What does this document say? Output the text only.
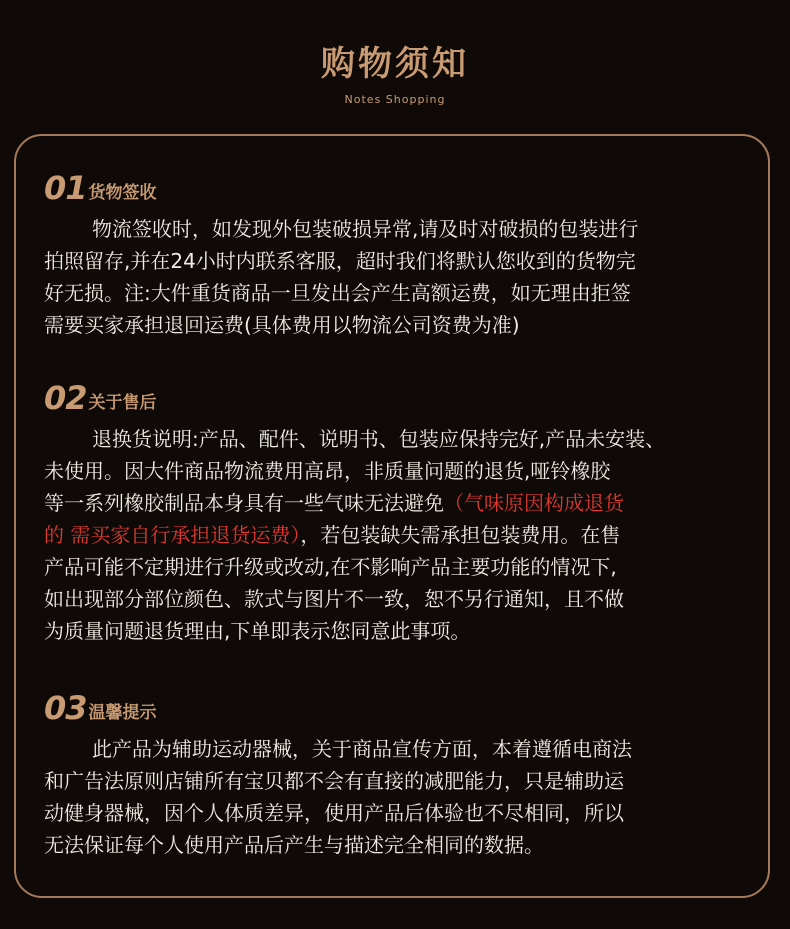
购物须知
Notes Shopping
01 货物签收
物流签收时，如发现外包装破损异常,请及时对破损的包装进行
拍照留存,并在24小时内联系客服，超时我们将默认您收到的货物完
好无损。注:大件重货商品一旦发出会产生高额运费，如无理由拒签
需要买家承担退回运费(具体费用以物流公司资费为准)
02 关于售后
退换货说明:产品、配件、说明书、包装应保持完好,产品未安装、
未使用。因大件商品物流费用高昂，非质量问题的退货,哑铃橡胶
等一系列橡胶制品本身具有一些气味无法避免（气味原因构成退货
的 需买家自行承担退货运费），若包装缺失需承担包装费用。在售
产品可能不定期进行升级或改动,在不影响产品主要功能的情况下,
如出现部分部位颜色、款式与图片不一致，恕不另行通知，且不做
为质量问题退货理由,下单即表示您同意此事项。
03 温馨提示
此产品为辅助运动器械，关于商品宣传方面，本着遵循电商法
和广告法原则店铺所有宝贝都不会有直接的减肥能力，只是辅助运
动健身器械，因个人体质差异，使用产品后体验也不尽相同，所以
无法保证每个人使用产品后产生与描述完全相同的数据。
